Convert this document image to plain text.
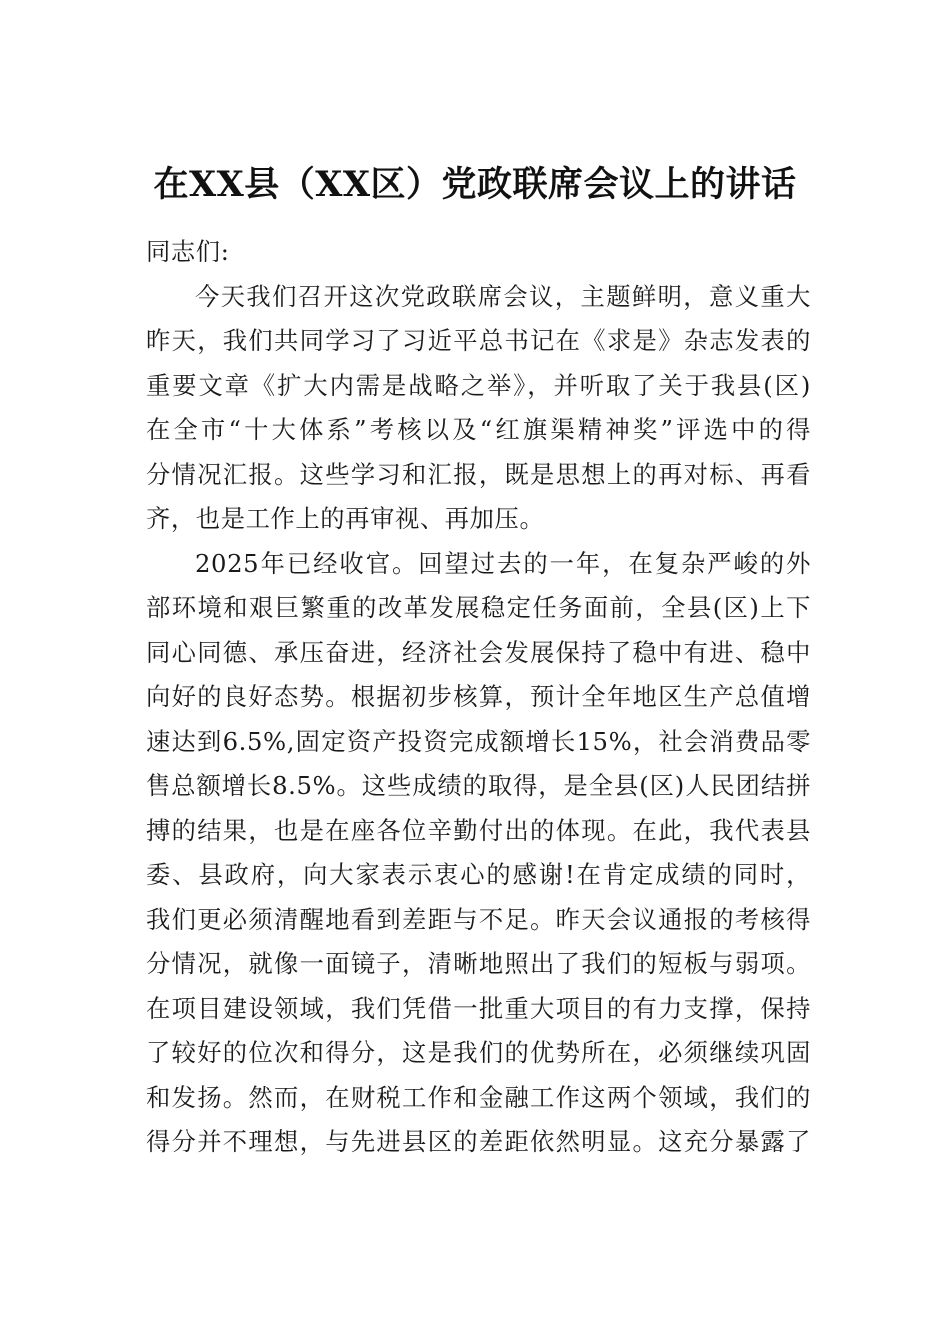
在XX县（XX区）党政联席会议上的讲话
同志们:
今天我们召开这次党政联席会议，主题鲜明，意义重大
昨天，我们共同学习了习近平总书记在《求是》杂志发表的
重要文章《扩大内需是战略之举》，并听取了关于我县(区)
在全市“十大体系”考核以及“红旗渠精神奖”评选中的得
分情况汇报。这些学习和汇报，既是思想上的再对标、再看
齐，也是工作上的再审视、再加压。
2025年已经收官。回望过去的一年，在复杂严峻的外
部环境和艰巨繁重的改革发展稳定任务面前，全县(区)上下
同心同德、承压奋进，经济社会发展保持了稳中有进、稳中
向好的良好态势。根据初步核算，预计全年地区生产总值增
速达到6.5%,固定资产投资完成额增长15%，社会消费品零
售总额增长8.5%。这些成绩的取得，是全县(区)人民团结拼
搏的结果，也是在座各位辛勤付出的体现。在此，我代表县
委、县政府，向大家表示衷心的感谢!在肯定成绩的同时，
我们更必须清醒地看到差距与不足。昨天会议通报的考核得
分情况，就像一面镜子，清晰地照出了我们的短板与弱项。
在项目建设领域，我们凭借一批重大项目的有力支撑，保持
了较好的位次和得分，这是我们的优势所在，必须继续巩固
和发扬。然而，在财税工作和金融工作这两个领域，我们的
得分并不理想，与先进县区的差距依然明显。这充分暴露了
